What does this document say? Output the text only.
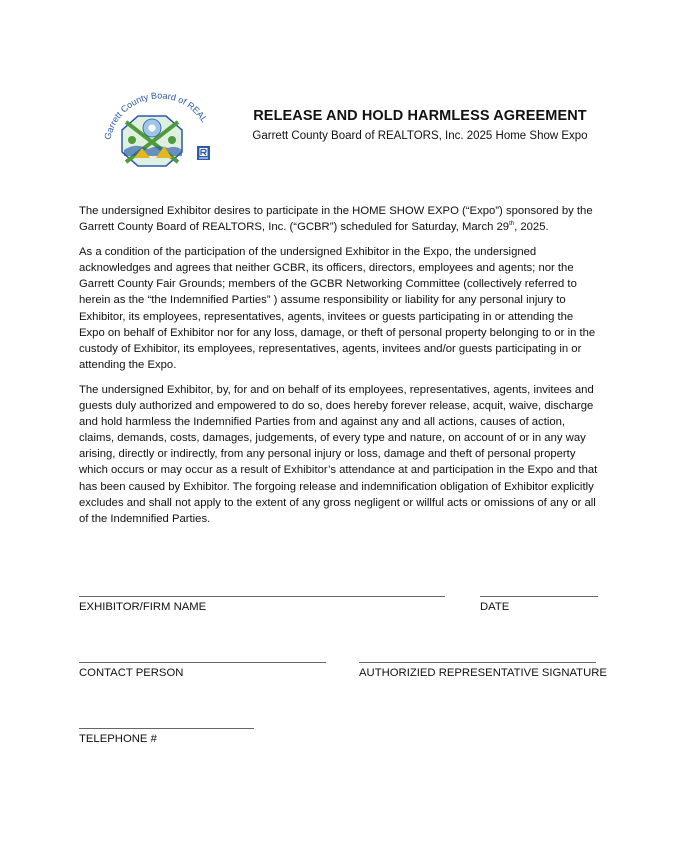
Garrett County Board of REAL	RELEASE AND HOLD HARMLESS AGREEMENT
Garrett County Board of REALTORS, Inc. 2025 Home Show Expo

The undersigned Exhibitor desires to participate in the HOME SHOW EXPO (“Expo”) sponsored by the Garrett County Board of REALTORS, Inc. (“GCBR”) scheduled for Saturday, March 29th, 2025.

As a condition of the participation of the undersigned Exhibitor in the Expo, the undersigned acknowledges and agrees that neither GCBR, its officers, directors, employees and agents; nor the Garrett County Fair Grounds; members of the GCBR Networking Committee (collectively referred to herein as the “the Indemnified Parties” ) assume responsibility or liability for any personal injury to Exhibitor, its employees, representatives, agents, invitees or guests participating in or attending the Expo on behalf of Exhibitor nor for any loss, damage, or theft of personal property belonging to or in the custody of Exhibitor, its employees, representatives, agents, invitees and/or guests participating in or attending the Expo.

The undersigned Exhibitor, by, for and on behalf of its employees, representatives, agents, invitees and guests duly authorized and empowered to do so, does hereby forever release, acquit, waive, discharge and hold harmless the Indemnified Parties from and against any and all actions, causes of action, claims, demands, costs, damages, judgements, of every type and nature, on account of or in any way arising, directly or indirectly, from any personal injury or loss, damage and theft of personal property which occurs or may occur as a result of Exhibitor’s attendance at and participation in the Expo and that has been caused by Exhibitor. The forgoing release and indemnification obligation of Exhibitor explicitly excludes and shall not apply to the extent of any gross negligent or willful acts or omissions of any or all of the Indemnified Parties.

EXHIBITOR/FIRM NAME	DATE
CONTACT PERSON	AUTHORIZIED REPRESENTATIVE SIGNATURE
TELEPHONE #
